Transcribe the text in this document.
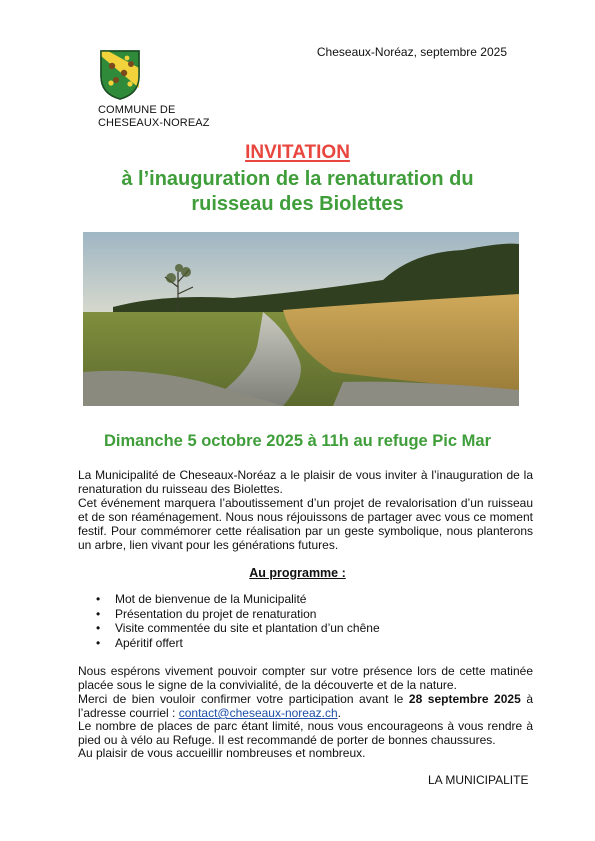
COMMUNE DE
CHESEAUX-NOREAZ
Cheseaux-Noréaz, septembre 2025
INVITATION
à l’inauguration de la renaturation du
ruisseau des Biolettes
Dimanche 5 octobre 2025 à 11h au refuge Pic Mar
La Municipalité de Cheseaux-Noréaz a le plaisir de vous inviter à l’inauguration de la renaturation du ruisseau des Biolettes.
Cet événement marquera l’aboutissement d’un projet de revalorisation d’un ruisseau et de son réaménagement. Nous nous réjouissons de partager avec vous ce moment festif. Pour commémorer cette réalisation par un geste symbolique, nous planterons un arbre, lien vivant pour les générations futures.
Au programme :
• Mot de bienvenue de la Municipalité
• Présentation du projet de renaturation
• Visite commentée du site et plantation d’un chêne
• Apéritif offert
Nous espérons vivement pouvoir compter sur votre présence lors de cette matinée placée sous le signe de la convivialité, de la découverte et de la nature.
Merci de bien vouloir confirmer votre participation avant le 28 septembre 2025 à l’adresse courriel : contact@cheseaux-noreaz.ch.
Le nombre de places de parc étant limité, nous vous encourageons à vous rendre à pied ou à vélo au Refuge. Il est recommandé de porter de bonnes chaussures.
Au plaisir de vous accueillir nombreuses et nombreux.
LA MUNICIPALITE
